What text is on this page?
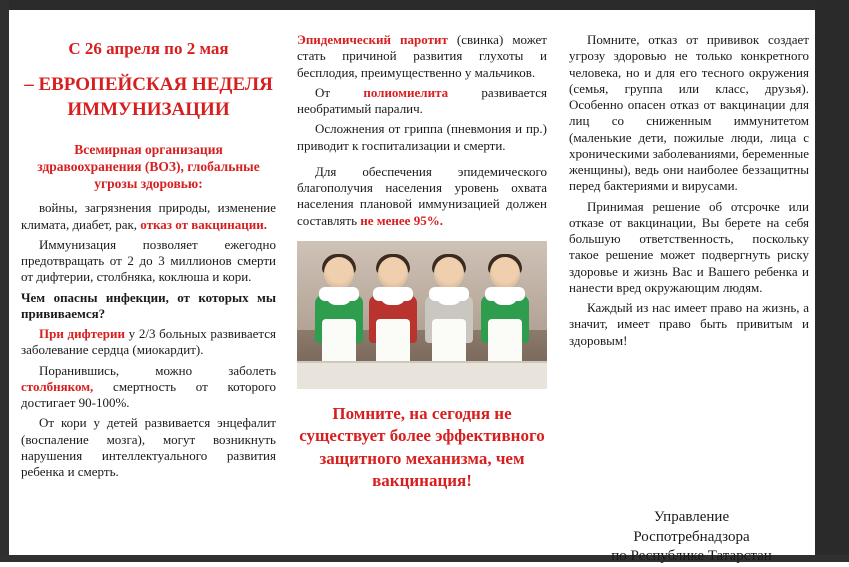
С 26 апреля по 2 мая
– ЕВРОПЕЙСКАЯ НЕДЕЛЯ ИММУНИЗАЦИИ
Всемирная организация здравоохранения (ВОЗ), глобальные угрозы здоровью:

войны, загрязнения природы, изменение климата, диабет, рак, отказ от вакцинации.

Иммунизация позволяет ежегодно предотвращать от 2 до 3 миллионов смерти от дифтерии, столбняка, коклюша и кори.

Чем опасны инфекции, от которых мы прививаемся?

При дифтерии у 2/3 больных развивается заболевание сердца (миокардит).

Поранившись, можно заболеть столбняком, смертность от которого достигает 90-100%.

От кори у детей развивается энцефалит (воспаление мозга), могут возникнуть нарушения интеллектуального развития ребенка и смерть.

Эпидемический паротит (свинка) может стать причиной развития глухоты и бесплодия, преимущественно у мальчиков.

От полиомиелита развивается необратимый паралич.

Осложнения от гриппа (пневмония и пр.) приводит к госпитализации и смерти.

Для обеспечения эпидемического благополучия населения уровень охвата населения плановой иммунизацией должен составлять не менее 95%.

Помните, на сегодня не существует более эффективного защитного механизма, чем вакцинация!

Помните, отказ от прививок создает угрозу здоровью не только конкретного человека, но и для его тесного окружения (семья, группа или класс, друзья). Особенно опасен отказ от вакцинации для лиц со сниженным иммунитетом (маленькие дети, пожилые люди, лица с хроническими заболеваниями, беременные женщины), ведь они наиболее беззащитны перед бактериями и вирусами.

Принимая решение об отсрочке или отказе от вакцинации, Вы берете на себя большую ответственность, поскольку такое решение может подвергнуть риску здоровье и жизнь Вас и Вашего ребенка и нанести вред окружающим людям.

Каждый из нас имеет право на жизнь, а значит, имеет право быть привитым и здоровым!

Управление
Роспотребнадзора
по Республике Татарстан
